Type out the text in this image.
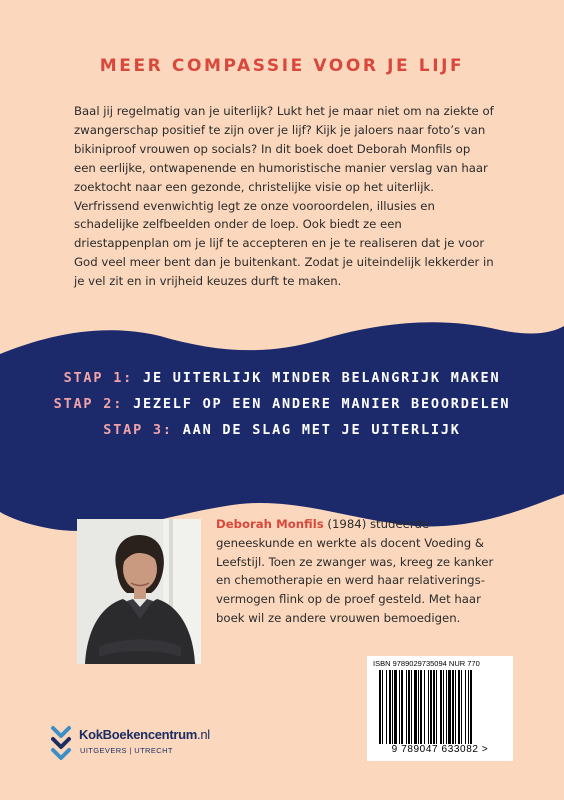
MEER COMPASSIE VOOR JE LIJF

Baal jij regelmatig van je uiterlijk? Lukt het je maar niet om na ziekte of zwangerschap positief te zijn over je lijf? Kijk je jaloers naar foto’s van bikiniproof vrouwen op socials? In dit boek doet Deborah Monfils op een eerlijke, ontwapenende en humoristische manier verslag van haar zoektocht naar een gezonde, christelijke visie op het uiterlijk. Verfrissend evenwichtig legt ze onze vooroordelen, illusies en schadelijke zelfbeelden onder de loep. Ook biedt ze een driestappenplan om je lijf te accepteren en je te realiseren dat je voor God veel meer bent dan je buitenkant. Zodat je uiteindelijk lekkerder in je vel zit en in vrijheid keuzes durft te maken.

STAP 1: JE UITERLIJK MINDER BELANGRIJK MAKEN
STAP 2: JEZELF OP EEN ANDERE MANIER BEOORDELEN
STAP 3: AAN DE SLAG MET JE UITERLIJK

Deborah Monfils (1984) studeerde geneeskunde en werkte als docent Voeding & Leefstijl. Toen ze zwanger was, kreeg ze kanker en chemotherapie en werd haar relativeringsvermogen flink op de proef gesteld. Met haar boek wil ze andere vrouwen bemoedigen.

ISBN 9789029735094 NUR 770
9 789047 633082 >
KokBoekencentrum.nl
UITGEVERS | UTRECHT
